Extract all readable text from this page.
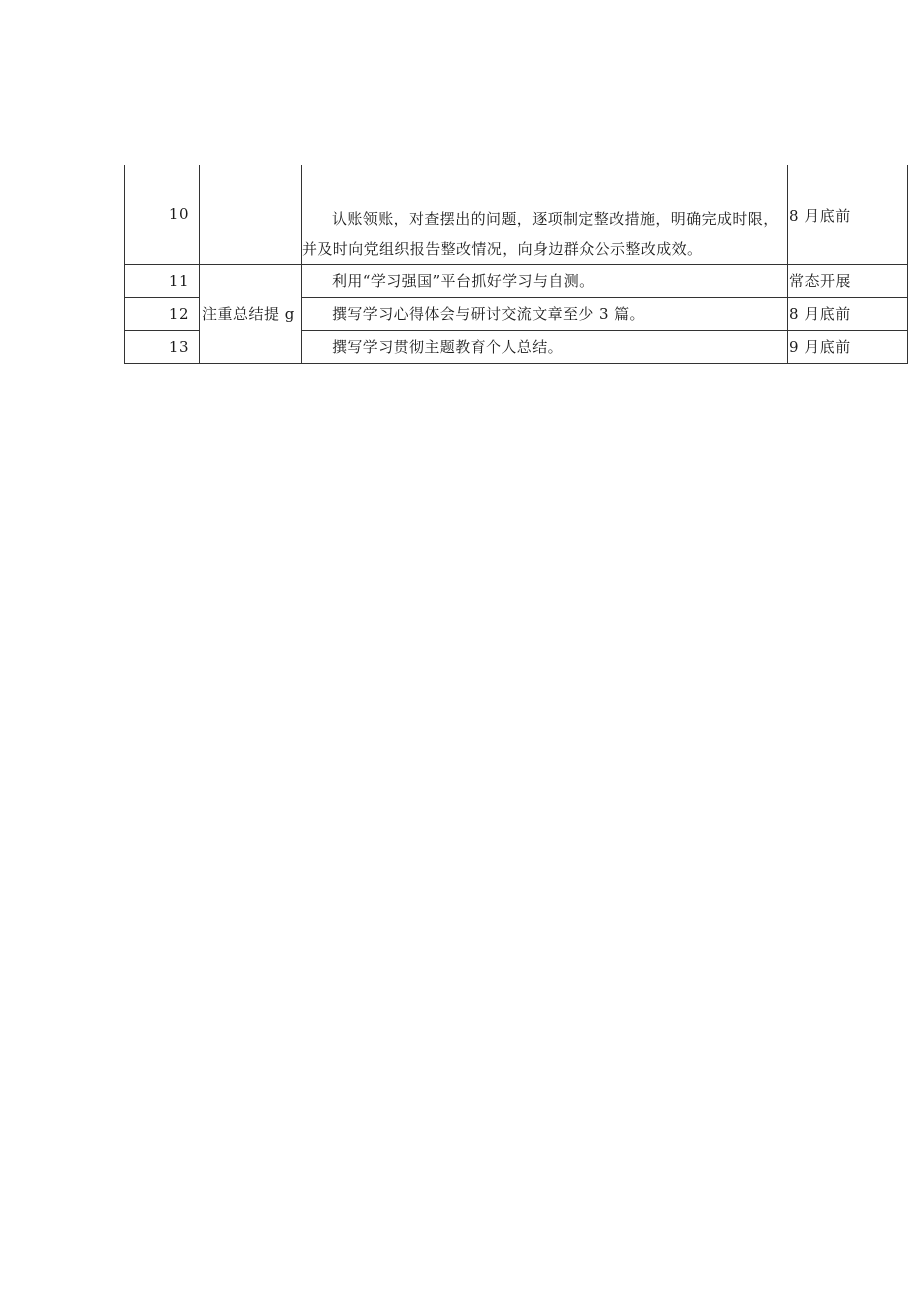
10		认账领账，对查摆出的问题，逐项制定整改措施，明确完成时限，并及时向党组织报告整改情况，向身边群众公示整改成效。	8 月底前
11	注重总结提 g	利用“学习强国”平台抓好学习与自测。	常态开展
12		撰写学习心得体会与研讨交流文章至少 3 篇。	8 月底前
13		撰写学习贯彻主题教育个人总结。	9 月底前
